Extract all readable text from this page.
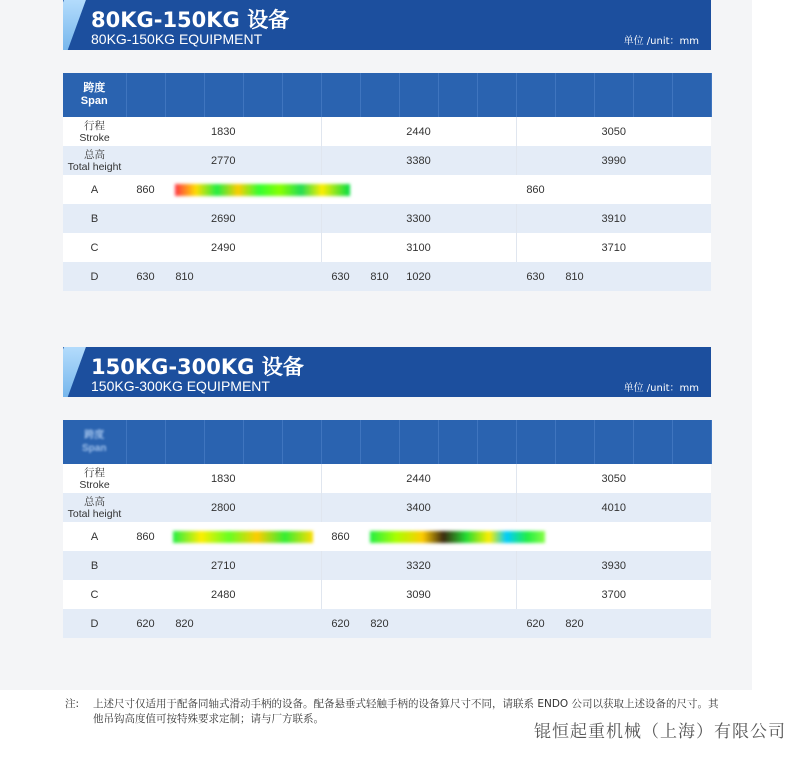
80KG-150KG 设备
80KG-150KG EQUIPMENT	单位 /unit：mm
跨度
Span															
行程
Stroke	1830					2440					3050				
总高
Total height	2770					3380					3990				
A	860										860				
B	2690					3300					3910				
C	2490					3100					3710				
D	630	810				630	810	1020			630	810			
150KG-300KG 设备
150KG-300KG EQUIPMENT	单位 /unit：mm
跨度
Span															
行程
Stroke	1830					2440					3050				
总高
Total height	2800					3400					4010				
A	860					860									
B	2710					3320					3930				
C	2480					3090					3700				
D	620	820				620	820				620	820			
注: 上述尺寸仅适用于配备同轴式滑动手柄的设备。配备悬垂式轻触手柄的设备算尺寸不同，请联系 ENDO 公司以获取上述设备的尺寸。其他吊钩高度值可按特殊要求定制；请与厂方联系。
锟恒起重机械（上海）有限公司
